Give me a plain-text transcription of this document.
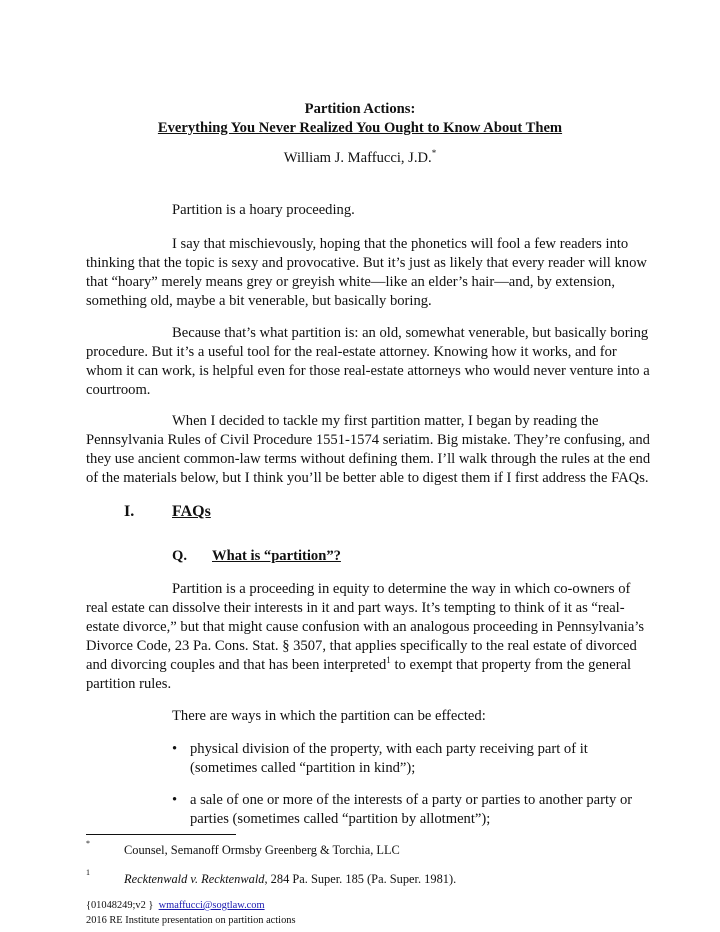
Partition Actions:
Everything You Never Realized You Ought to Know About Them
William J. Maffucci, J.D.*
Partition is a hoary proceeding.
I say that mischievously, hoping that the phonetics will fool a few readers into
thinking that the topic is sexy and provocative. But it’s just as likely that every reader will know
that “hoary” merely means grey or greyish white—like an elder’s hair—and, by extension,
something old, maybe a bit venerable, but basically boring.
Because that’s what partition is: an old, somewhat venerable, but basically boring
procedure. But it’s a useful tool for the real-estate attorney. Knowing how it works, and for
whom it can work, is helpful even for those real-estate attorneys who would never venture into a
courtroom.
When I decided to tackle my first partition matter, I began by reading the
Pennsylvania Rules of Civil Procedure 1551-1574 seriatim. Big mistake. They’re confusing, and
they use ancient common-law terms without defining them. I’ll walk through the rules at the end
of the materials below, but I think you’ll be better able to digest them if I first address the FAQs.
I. FAQs
Q. What is “partition”?
Partition is a proceeding in equity to determine the way in which co-owners of
real estate can dissolve their interests in it and part ways. It’s tempting to think of it as “real-
estate divorce,” but that might cause confusion with an analogous proceeding in Pennsylvania’s
Divorce Code, 23 Pa. Cons. Stat. § 3507, that applies specifically to the real estate of divorced
and divorcing couples and that has been interpreted$^1$ to exempt that property from the general
partition rules.
There are ways in which the partition can be effected:
• physical division of the property, with each party receiving part of it
(sometimes called “partition in kind”);
• a sale of one or more of the interests of a party or parties to another party or
parties (sometimes called “partition by allotment”);
*	Counsel, Semanoff Ormsby Greenberg & Torchia, LLC
1	Recktenwald v. Recktenwald, 284 Pa. Super. 185 (Pa. Super. 1981).
{01048249;v2 } wmaffucci@sogtlaw.com
2016 RE Institute presentation on partition actions
